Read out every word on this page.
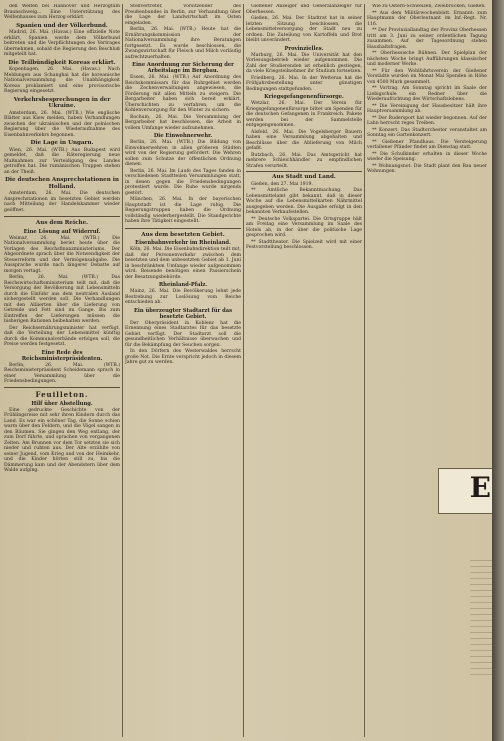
den Welfen bei Hannover und Herzogtum Braunschweig... Eine Unterstützung des Welfenhauses zum Herzog erklärt.

Spanien und der Völkerbund.

Madrid, 26. Mai. (Havas.) Eine offizielle Note erklärt, Spanien werde dem Völkerbund beitreten und die Verpflichtungen des Vertrages übernehmen, sobald die Regierung den Beschluß mitgeteilt hat.

Die Teilbündigkeit Koreas erklärt.

Kopenhagen, 26. Mai. (Havas.) Nach Meldungen aus Schanghai hat die koreanische Nationalversammlung die Unabhängigkeit Koreas proklamiert und eine provisorische Regierung eingesetzt.

Verkehrsbesprechungen in der Ukraine.

Amsterdam, 26. Mai. (WTB.) Wie englische Blätter aus Kiew melden, haben Verhandlungen zwischen der ukrainischen und der polnischen Regierung über die Wiederaufnahme des Eisenbahnverkehrs begonnen.

Die Lage in Ungarn.

Wien, 26. Mai. (WTB.) Aus Budapest wird gemeldet, daß die Räteregierung neue Maßnahmen zur Verteidigung des Landes getroffen hat. Die rumänischen Truppen stehen an der Theiß.

Die deutschen Ansprechstationen in Holland.

Amsterdam, 26. Mai. Die deutschen Ansprechstationen im besetzten Gebiet werden nach Mitteilung der Handelskammer wieder geöffnet.

Aus dem Reiche.
Eine Lösung auf Widerruf.

Weimar, 26. Mai. (WTB.) Die Nationalversammlung beriet heute über die Vorlagen des Reichsfinanzministeriums. Der Abgeordnete sprach über die Notwendigkeit der Steuerreform und der Vermögensabgabe. Die Aussprache wurde nach längerer Debatte auf morgen vertagt.

Berlin, 26. Mai. (WTB.) Das Reichswirtschaftsministerium teilt mit, daß die Versorgung der Bevölkerung mit Lebensmitteln durch die Einfuhr aus dem neutralen Ausland sichergestellt werden soll. Die Verhandlungen mit den Alliierten über die Lieferung von Getreide und Fett sind im Gange. Bis zum Eintreffen der Lieferungen müssen die bisherigen Rationen beibehalten werden.

Der Reichsernährungsminister hat verfügt, daß die Verteilung der Lebensmittel künftig durch die Kommunalverbände erfolgen soll, die Preise werden festgesetzt.

Eine Rede des Reichsministerpräsidenten.

Berlin, 26. Mai. (WTB.) Reichsministerpräsident Scheidemann sprach in einer Versammlung über die Friedensbedingungen.

Feuilleton.
Hilf über Abstellung.

Eine gedruckte Geschichte von der Frühlingsreise mit sehr ihren Kindern durch das Land. Es war ein schöner Tag, die Sonne schien warm über den Feldern, und die Vögel sangen in den Bäumen. Sie gingen den Weg entlang, der zum Dorf führte, und sprachen von vergangenen Zeiten. Am Brunnen vor dem Tor setzten sie sich nieder und ruhten aus. Der Alte erzählte von seiner Jugend, vom Krieg und von der Heimkehr, und die Kinder hörten still zu, bis die Dämmerung kam und der Abendstern über dem Walde aufging.

Stellvertreter, Vorsitzender des Preußenbundes in Berlin, zur Verhandlung über die Lage der Landwirtschaft im Osten eingeladen.

Berlin, 26. Mai. (WTB.) Heute hat die Ernährungskommission der Nationalversammlung ihre Beratungen fortgesetzt. Es wurde beschlossen, die Zwangswirtschaft für Fleisch und Milch vorläufig aufrechtzuerhalten.

Eine Anordnung zur Sicherung der Arbeitslage im Bergbau.

Essen, 26. Mai. (WTB.) Auf Anordnung des Reichskommissars für das Ruhrgebiet werden die Zechenverwaltungen angewiesen, die Förderung mit allen Mitteln zu steigern. Die Bergarbeiter haben sich bereit erklärt, Überschichten zu verfahren, um die Kohlenversorgung für den Winter zu sichern.

Bochum, 26. Mai. Die Versammlung der Bergarbeiter hat beschlossen, die Arbeit in vollem Umfange wieder aufzunehmen.

Die Einwohnerwehr.

Berlin, 26. Mai. (WTB.) Die Bildung von Einwohnerwehren in allen größeren Städten wird von der Regierung gefördert. Die Wehren sollen zum Schutze der öffentlichen Ordnung dienen.

Berlin, 26. Mai. Im Laufe des Tages fanden in verschiedenen Stadtteilen Versammlungen statt, in denen gegen die Friedensbedingungen protestiert wurde. Die Ruhe wurde nirgends gestört.

München, 26. Mai. In der bayerischen Hauptstadt ist die Lage ruhig. Die Regierungstruppen haben die Ordnung vollständig wiederhergestellt. Die Standgerichte haben ihre Tätigkeit eingestellt.

Aus dem besetzten Gebiet.
Eisenbahnverkehr im Rheinland.

Köln, 26. Mai. Die Eisenbahndirektion teilt mit, daß der Personenverkehr zwischen dem besetzten und dem unbesetzten Gebiet ab 1. Juni in beschränktem Umfange wieder aufgenommen wird. Reisende benötigen einen Passierschein der Besatzungsbehörde.

Rheinland-Pfalz.

Mainz, 26. Mai. Die Bevölkerung lehnt jede Bestrebung zur Loslösung vom Reiche entschieden ab.

Ein überzeugter Stadtarzt für das besetzte Gebiet.

Der Oberpräsident in Koblenz hat die Ernennung eines Stadtarztes für das besetzte Gebiet verfügt. Der Stadtarzt soll die gesundheitlichen Verhältnisse überwachen und für die Bekämpfung der Seuchen sorgen.

In den Dörfern des Westerwaldes herrscht große Not. Die Ernte verspricht jedoch in diesem Jahre gut zu werden.

Gießener Anzeiger und Generalanzeiger für Oberhessen.

Gießen, 26. Mai. Der Stadtrat hat in seiner letzten Sitzung beschlossen, die Lebensmittelversorgung der Stadt neu zu ordnen. Die Zuteilung von Kartoffeln und Brot bleibt unverändert.

Provinzielles.

Marburg, 26. Mai. Die Universität hat den Vorlesungsbetrieb wieder aufgenommen. Die Zahl der Studierenden ist erheblich gestiegen, da viele Kriegsteilnehmer ihr Studium fortsetzen.

Friedberg, 26. Mai. In der Wetterau hat die Frühjahrsbestellung unter günstigen Bedingungen stattgefunden.

Kriegsgefangenenfürsorge.

Wetzlar, 26. Mai. Der Verein für Kriegsgefangenenfürsorge bittet um Spenden für die deutschen Gefangenen in Frankreich. Pakete werden bei der Sammelstelle entgegengenommen.

Alsfeld, 26. Mai. Die Vogelsberger Bauern haben eine Versammlung abgehalten und Beschlüsse über die Ablieferung von Milch gefaßt.

Butzbach, 26. Mai. Das Amtsgericht hat mehrere Schleichhändler zu empfindlichen Strafen verurteilt.

Aus Stadt und Land.

Gießen, den 27. Mai 1919.

** Amtliche Bekanntmachung. Das Lebensmittelamt gibt bekannt, daß in dieser Woche auf die Lebensmittelkarten Nährmittel ausgegeben werden. Die Ausgabe erfolgt in den bekannten Verkaufsstellen.

** Deutsche Volkspartei. Die Ortsgruppe hält am Freitag eine Versammlung im Saale des Hotels ab, in der über die politische Lage gesprochen wird.

** Stadttheater. Die Spielzeit wird mit einer Festvorstellung beschlossen.

Wie zu Ostern-Schweizen, Zweibrücken, Gießen.

** Aus dem Militärwochenblatt. Ernannt: zum Hauptmann der Oberleutnant im Inf.-Regt. Nr. 116.

** Der Provinziallandtag der Provinz Oberhessen tritt am 3. Juni zu seiner ordentlichen Tagung zusammen. Auf der Tagesordnung stehen Haushaltsfragen.

** Oberhessische Bühnen. Der Spielplan der nächsten Woche bringt Aufführungen klassischer und moderner Werke.

** Für den Wohlfahrtsverein der Gießener Vorstädte wurden im Monat Mai Spenden in Höhe von 4500 Mark gesammelt.

** Vortrag. Am Sonntag spricht im Saale der Liebigschule ein Redner über die Wiederaufrichtung des Wirtschaftslebens.

** Die Vereinigung der Hausbesitzer hält ihre Hauptversammlung ab.

** Der Rudersport hat wieder begonnen. Auf der Lahn herrscht reges Treiben.

** Konzert. Das Stadtorchester veranstaltet am Sonntag ein Gartenkonzert.

** Gießener Pfandhaus. Die Versteigerung verfallener Pfänder findet am Dienstag statt.

** Die Schulkinder erhalten in dieser Woche wieder die Speisung.

** Wohnungsnot. Die Stadt plant den Bau neuer Wohnungen.

E
